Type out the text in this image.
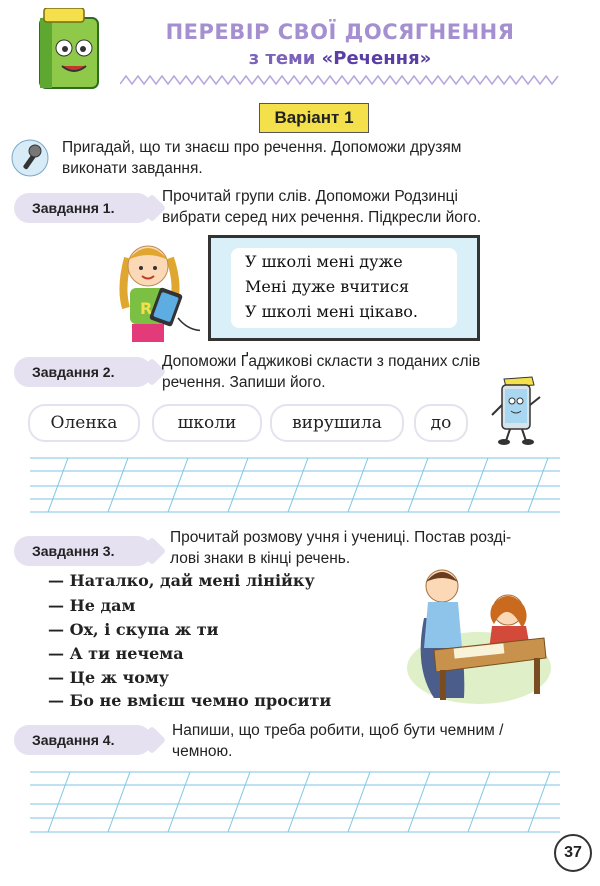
ПЕРЕВІР СВОЇ ДОСЯГНЕННЯ
з теми «Речення»
Варіант 1
Пригадай, що ти знаєш про речення. Допоможи друзям
виконати завдання.
Завдання 1.
Прочитай групи слів. Допоможи Родзинці
вибрати серед них речення. Підкресли його.
R
У школі мені дуже
Мені дуже вчитися
У школі мені цікаво.
Завдання 2.
Допоможи Ґаджикові скласти з поданих слів
речення. Запиши його.
Оленка	школи	вирушила	до
Завдання 3.
Прочитай розмову учня і учениці. Постав розді-
лові знаки в кінці речень.
— Наталко, дай мені лінійку
— Не дам
— Ох, і скупа ж ти
— А ти нечема
— Це ж чому
— Бо не вмієш чемно просити
Завдання 4.
Напиши, що треба робити, щоб бути чемним /
чемною.
37
